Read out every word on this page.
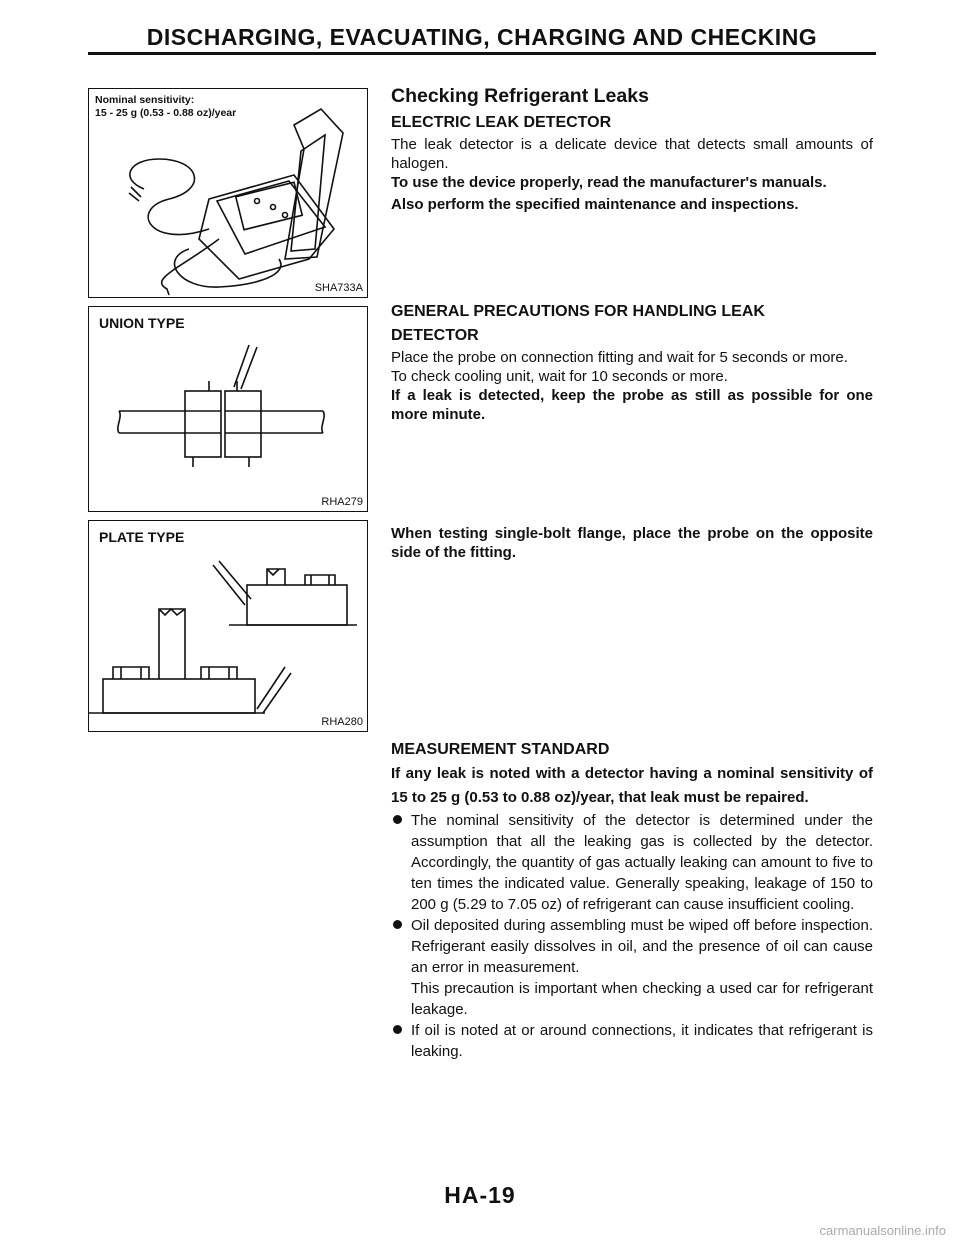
DISCHARGING, EVACUATING, CHARGING AND CHECKING
Nominal sensitivity:
15 - 25 g (0.53 - 0.88 oz)/year
SHA733A
UNION TYPE
RHA279
PLATE TYPE
RHA280

Checking Refrigerant Leaks

ELECTRIC LEAK DETECTOR

The leak detector is a delicate device that detects small amounts of halogen.

To use the device properly, read the manufacturer's manuals.

Also perform the specified maintenance and inspections.

GENERAL PRECAUTIONS FOR HANDLING LEAK

DETECTOR

Place the probe on connection fitting and wait for 5 seconds or more.

To check cooling unit, wait for 10 seconds or more.

If a leak is detected, keep the probe as still as possible for one more minute.

When testing single-bolt flange, place the probe on the opposite side of the fitting.

MEASUREMENT STANDARD

If any leak is noted with a detector having a nominal sensitivity of 15 to 25 g (0.53 to 0.88 oz)/year, that leak must be repaired.

The nominal sensitivity of the detector is determined under the assumption that all the leaking gas is collected by the detector. Accordingly, the quantity of gas actually leaking can amount to five to ten times the indicated value. Generally speaking, leakage of 150 to 200 g (5.29 to 7.05 oz) of refrigerant can cause insufficient cooling.
Oil deposited during assembling must be wiped off before inspection. Refrigerant easily dissolves in oil, and the presence of oil can cause an error in measurement.
This precaution is important when checking a used car for refrigerant leakage.
If oil is noted at or around connections, it indicates that refrigerant is leaking.
HA-19
carmanualsonline.info
